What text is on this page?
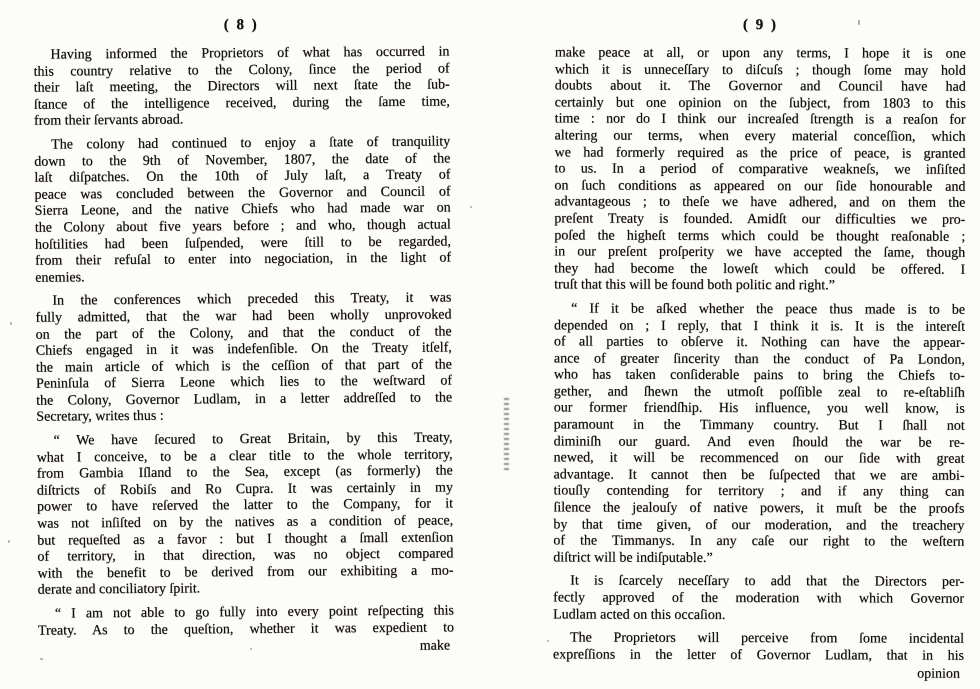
( 8 )
Having informed the Proprietors of what has occurred in
this country relative to the Colony, ſince the period of
their laſt meeting, the Directors will next ſtate the ſub-
ſtance of the intelligence received, during the ſame time,
from their ſervants abroad.
The colony had continued to enjoy a ſtate of tranquility
down to the 9th of November, 1807, the date of the
laſt diſpatches. On the 10th of July laſt, a Treaty of
peace was concluded between the Governor and Council of
Sierra Leone, and the native Chiefs who had made war on
the Colony about five years before ; and who, though actual
hoſtilities had been ſuſpended, were ſtill to be regarded,
from their refuſal to enter into negociation, in the light of
enemies.
In the conferences which preceded this Treaty, it was
fully admitted, that the war had been wholly unprovoked
on the part of the Colony, and that the conduct of the
Chiefs engaged in it was indefenſible. On the Treaty itſelf,
the main article of which is the ceſſion of that part of the
Peninſula of Sierra Leone which lies to the weſtward of
the Colony, Governor Ludlam, in a letter addreſſed to the
Secretary, writes thus :
“ We have ſecured to Great Britain, by this Treaty,
what I conceive, to be a clear title to the whole territory,
from Gambia Iſland to the Sea, except (as formerly) the
diſtricts of Robiſs and Ro Cupra. It was certainly in my
power to have reſerved the latter to the Company, for it
was not inſiſted on by the natives as a condition of peace,
but requeſted as a favor : but I thought a ſmall extenſion
of territory, in that direction, was no object compared
with the benefit to be derived from our exhibiting a mo-
derate and conciliatory ſpirit.
“ I am not able to go fully into every point reſpecting this
Treaty. As to the queſtion, whether it was expedient to
make
( 9 )
make peace at all, or upon any terms, I hope it is one
which it is unneceſſary to diſcuſs ; though ſome may hold
doubts about it. The Governor and Council have had
certainly but one opinion on the ſubject, from 1803 to this
time : nor do I think our increaſed ſtrength is a reaſon for
altering our terms, when every material conceſſion, which
we had formerly required as the price of peace, is granted
to us. In a period of comparative weakneſs, we inſiſted
on ſuch conditions as appeared on our ſide honourable and
advantageous ; to theſe we have adhered, and on them the
preſent Treaty is founded. Amidſt our difficulties we pro-
poſed the higheſt terms which could be thought reaſonable ;
in our preſent proſperity we have accepted the ſame, though
they had become the loweſt which could be offered. I
truſt that this will be found both politic and right.”
“ If it be aſked whether the peace thus made is to be
depended on ; I reply, that I think it is. It is the intereſt
of all parties to obſerve it. Nothing can have the appear-
ance of greater ſincerity than the conduct of Pa London,
who has taken conſiderable pains to bring the Chiefs to-
gether, and ſhewn the utmoſt poſſible zeal to re-eſtabliſh
our former friendſhip. His influence, you well know, is
paramount in the Timmany country. But I ſhall not
diminiſh our guard. And even ſhould the war be re-
newed, it will be recommenced on our ſide with great
advantage. It cannot then be ſuſpected that we are ambi-
tiouſly contending for territory ; and if any thing can
ſilence the jealouſy of native powers, it muſt be the proofs
by that time given, of our moderation, and the treachery
of the Timmanys. In any caſe our right to the weſtern
diſtrict will be indiſputable.”
It is ſcarcely neceſſary to add that the Directors per-
fectly approved of the moderation with which Governor
Ludlam acted on this occaſion.
The Proprietors will perceive from ſome incidental
expreſſions in the letter of Governor Ludlam, that in his
opinion
